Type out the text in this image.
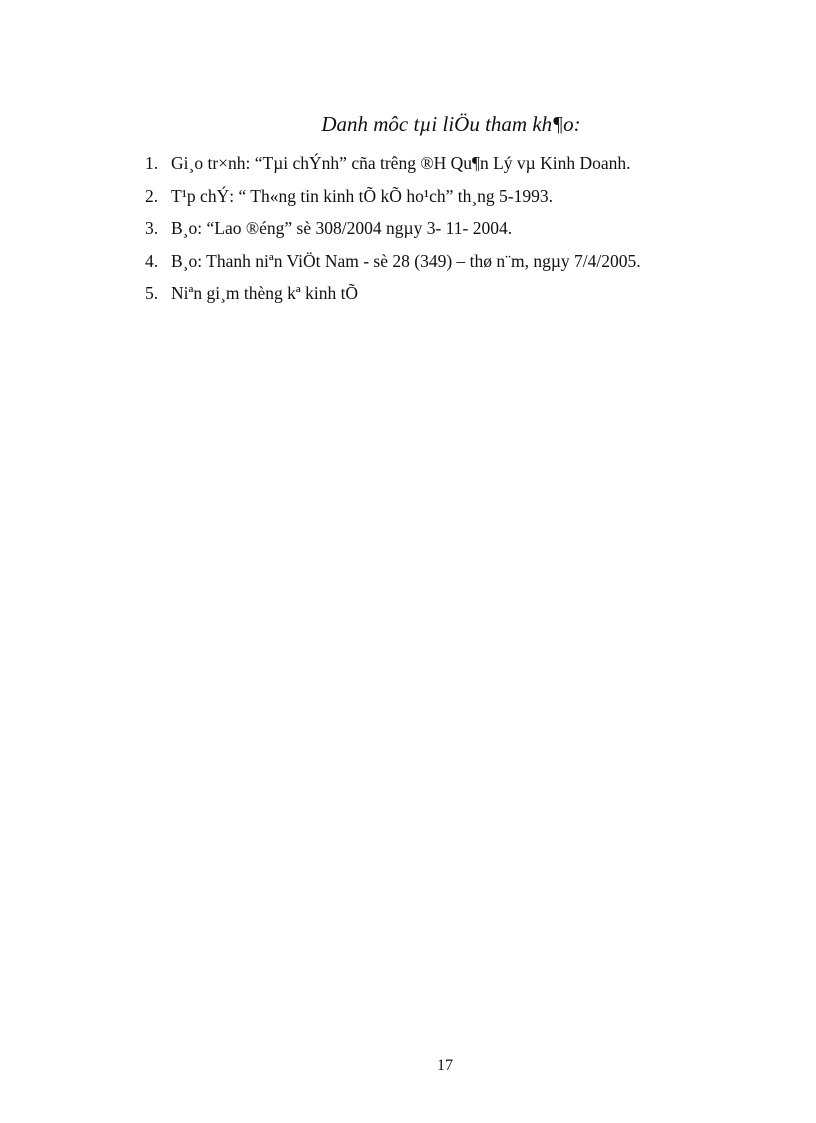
Danh môc tµi liÖu tham kh¶o:
1. Gi¸o tr×nh: “Tµi chÝnh” cña trêng ®H Qu¶n Lý vµ Kinh Doanh.
2. T¹p chÝ: “ Th«ng tin kinh tÕ kÕ ho¹ch” th¸ng 5-1993.
3. B¸o: “Lao ®éng” sè 308/2004 ngµy 3- 11- 2004.
4. B¸o: Thanh niªn ViÖt Nam - sè 28 (349) – thø n¨m, ngµy 7/4/2005.
5. Niªn gi¸m thèng kª kinh tÕ
17
